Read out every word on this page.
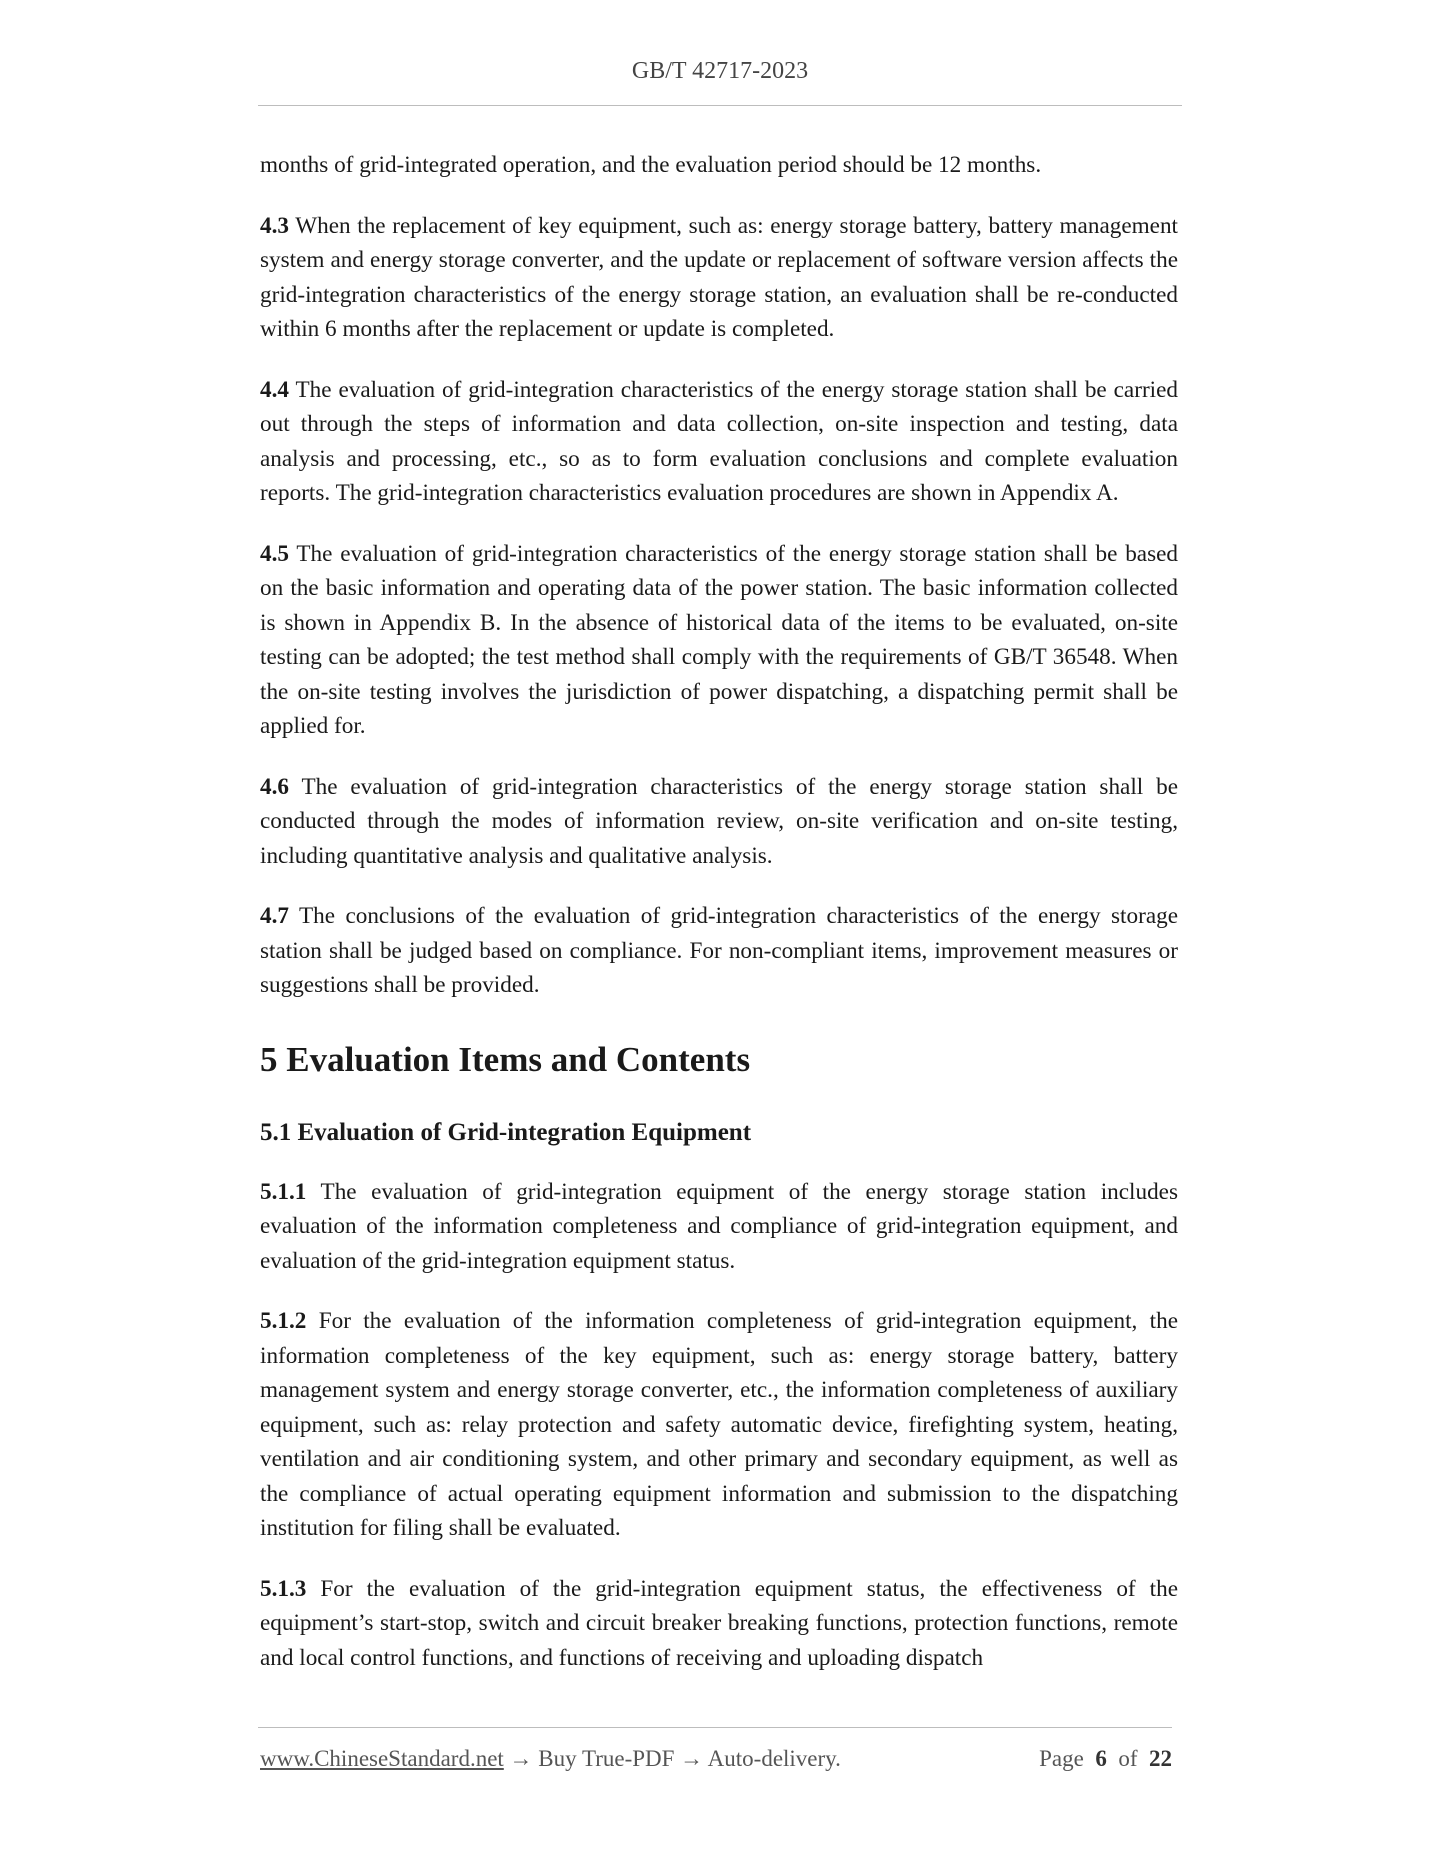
GB/T 42717-2023

months of grid-integrated operation, and the evaluation period should be 12 months.

4.3 When the replacement of key equipment, such as: energy storage battery, battery management system and energy storage converter, and the update or replacement of software version affects the grid-integration characteristics of the energy storage station, an evaluation shall be re-conducted within 6 months after the replacement or update is completed.

4.4 The evaluation of grid-integration characteristics of the energy storage station shall be carried out through the steps of information and data collection, on-site inspection and testing, data analysis and processing, etc., so as to form evaluation conclusions and complete evaluation reports. The grid-integration characteristics evaluation procedures are shown in Appendix A.

4.5 The evaluation of grid-integration characteristics of the energy storage station shall be based on the basic information and operating data of the power station. The basic information collected is shown in Appendix B. In the absence of historical data of the items to be evaluated, on-site testing can be adopted; the test method shall comply with the requirements of GB/T 36548. When the on-site testing involves the jurisdiction of power dispatching, a dispatching permit shall be applied for.

4.6 The evaluation of grid-integration characteristics of the energy storage station shall be conducted through the modes of information review, on-site verification and on-site testing, including quantitative analysis and qualitative analysis.

4.7 The conclusions of the evaluation of grid-integration characteristics of the energy storage station shall be judged based on compliance. For non-compliant items, improvement measures or suggestions shall be provided.

5 Evaluation Items and Contents
5.1 Evaluation of Grid-integration Equipment

5.1.1 The evaluation of grid-integration equipment of the energy storage station includes evaluation of the information completeness and compliance of grid-integration equipment, and evaluation of the grid-integration equipment status.

5.1.2 For the evaluation of the information completeness of grid-integration equipment, the information completeness of the key equipment, such as: energy storage battery, battery management system and energy storage converter, etc., the information completeness of auxiliary equipment, such as: relay protection and safety automatic device, firefighting system, heating, ventilation and air conditioning system, and other primary and secondary equipment, as well as the compliance of actual operating equipment information and submission to the dispatching institution for filing shall be evaluated.

5.1.3 For the evaluation of the grid-integration equipment status, the effectiveness of the equipment’s start-stop, switch and circuit breaker breaking functions, protection functions, remote and local control functions, and functions of receiving and uploading dispatch

www.ChineseStandard.net → Buy True-PDF → Auto-delivery.	Page 6 of 22
